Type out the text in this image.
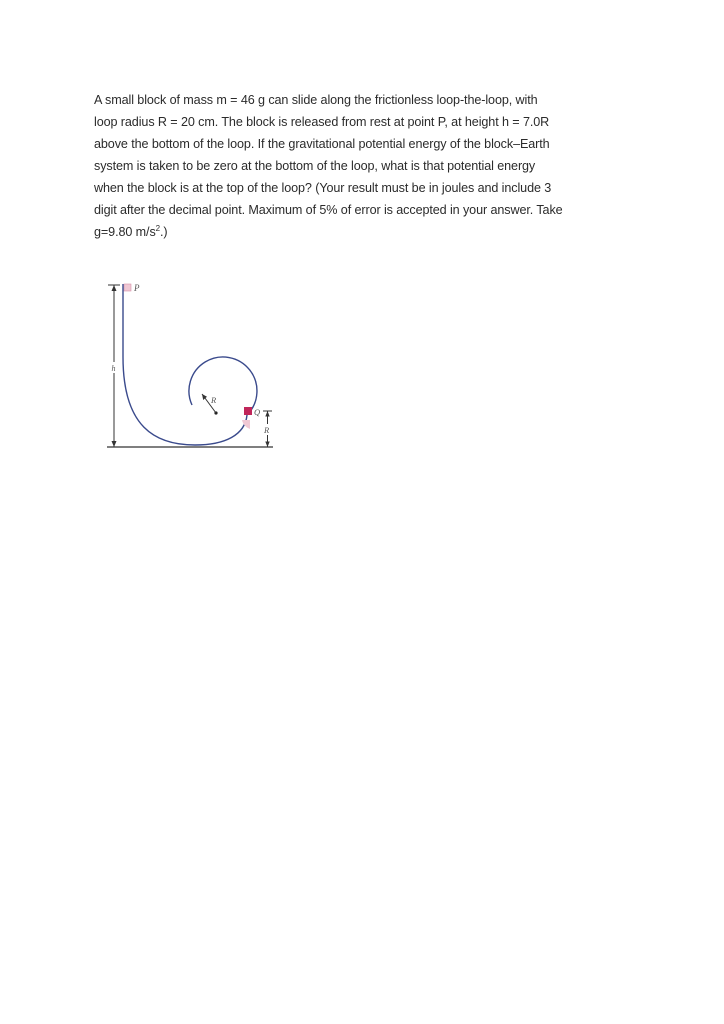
A small block of mass m = 46 g can slide along the frictionless loop-the-loop, with loop radius R = 20 cm. The block is released from rest at point P, at height h = 7.0R above the bottom of the loop. If the gravitational potential energy of the block–Earth system is taken to be zero at the bottom of the loop, what is that potential energy when the block is at the top of the loop? (Your result must be in joules and include 3 digit after the decimal point. Maximum of 5% of error is accepted in your answer. Take g=9.80 $m/s^2$.)

h
P
R
Q
R
